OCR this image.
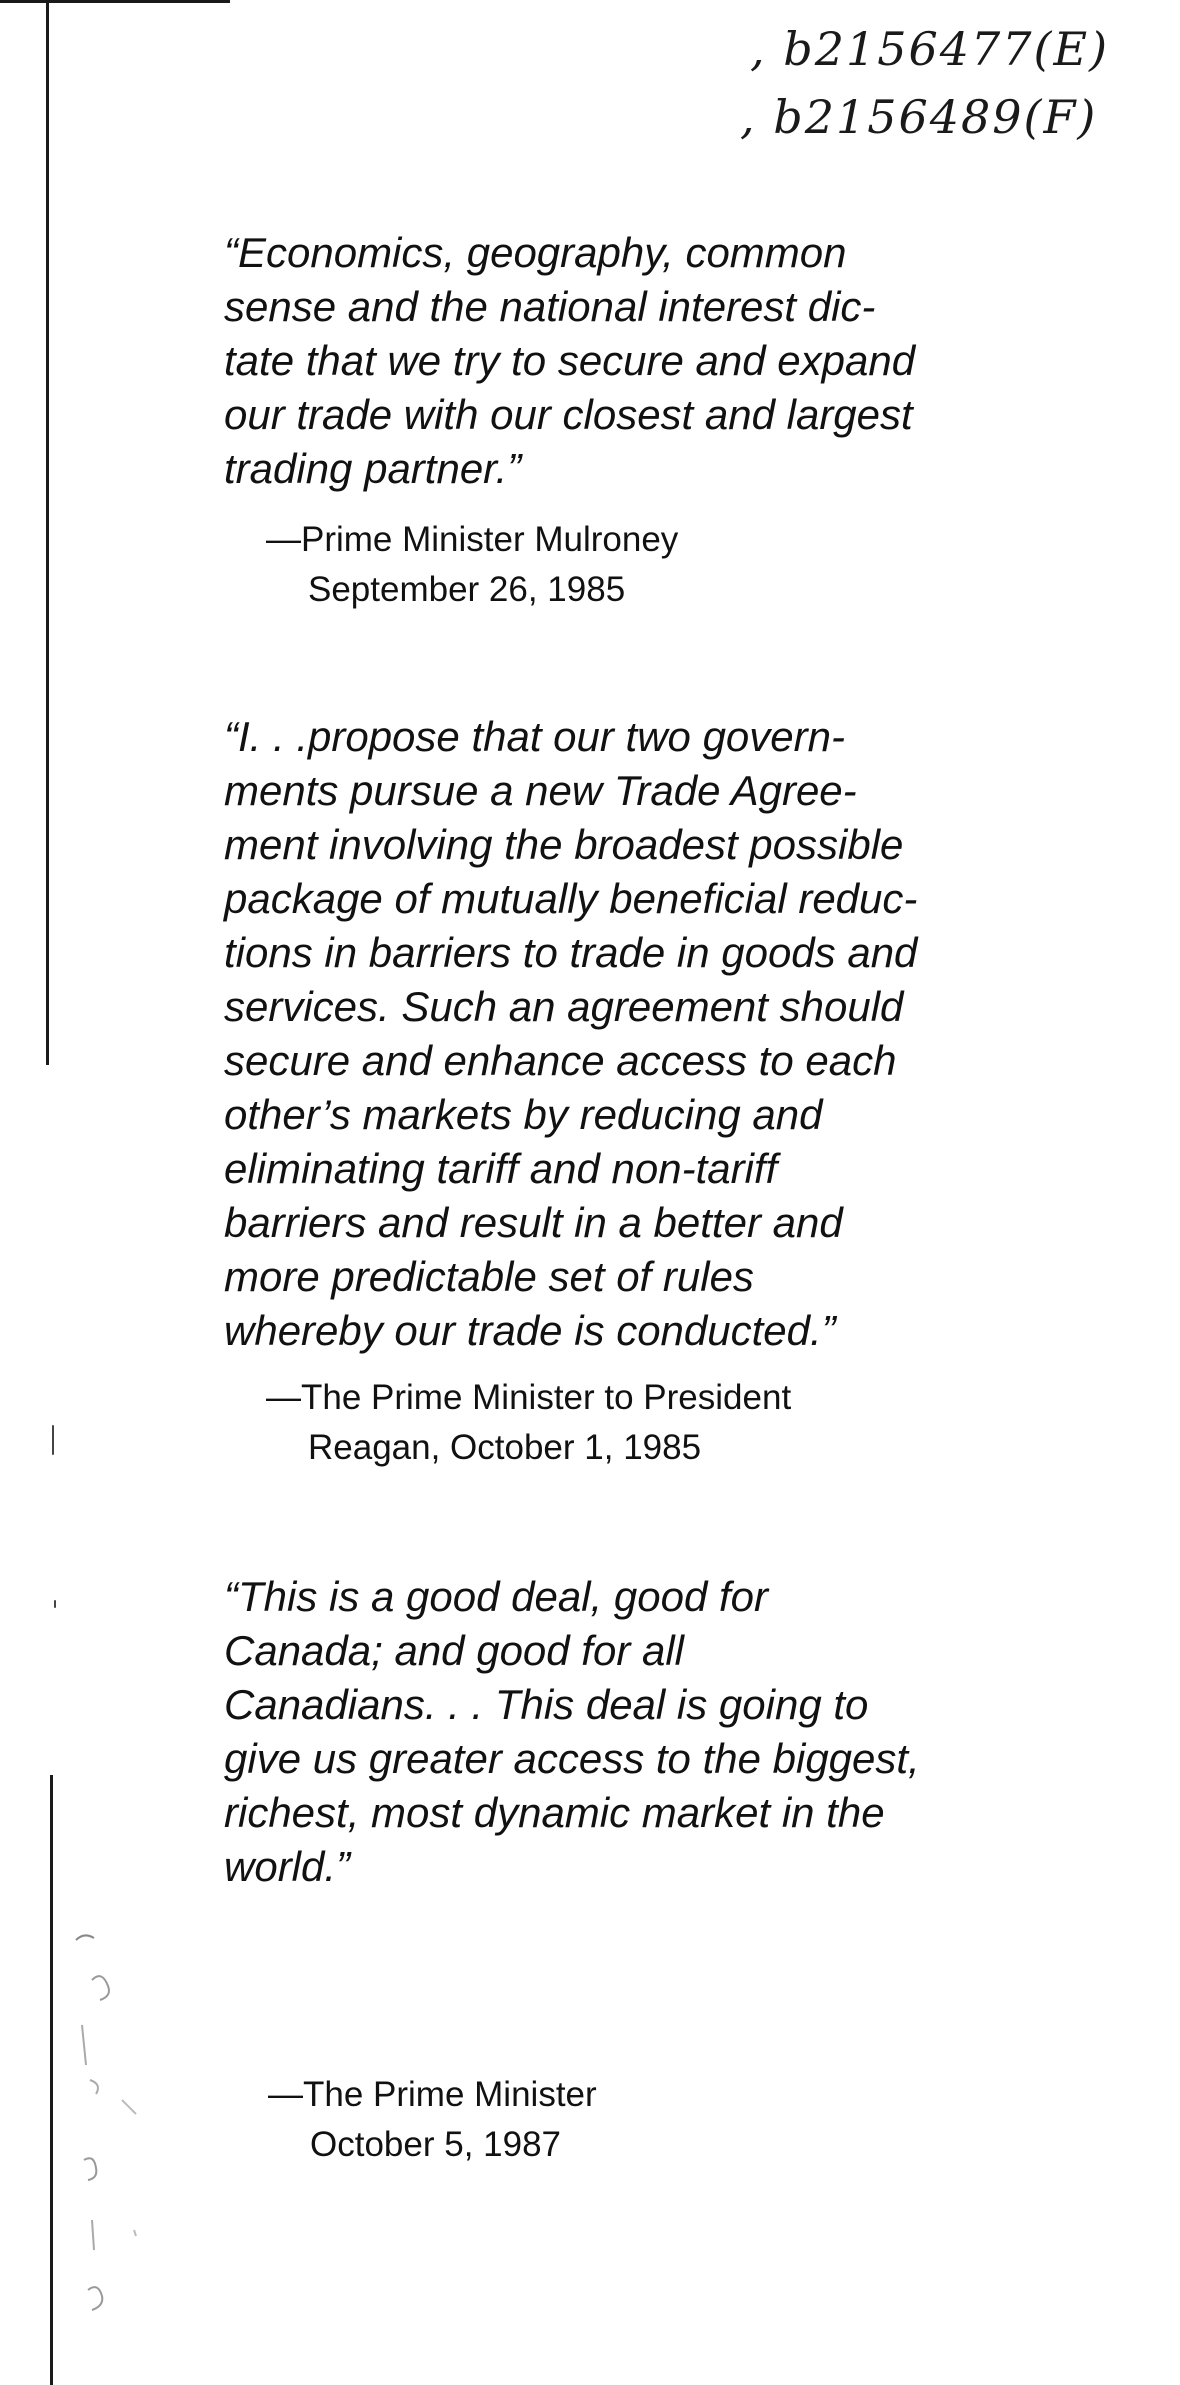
, b2156477(E)
, b2156489(F)
“Economics, geography, common
sense and the national interest dic-
tate that we try to secure and expand
our trade with our closest and largest
trading partner.”
—Prime Minister Mulroney
September 26, 1985
“I. . .propose that our two govern-
ments pursue a new Trade Agree-
ment involving the broadest possible
package of mutually beneficial reduc-
tions in barriers to trade in goods and
services. Such an agreement should
secure and enhance access to each
other’s markets by reducing and
eliminating tariff and non-tariff
barriers and result in a better and
more predictable set of rules
whereby our trade is conducted.”
—The Prime Minister to President
Reagan, October 1, 1985
“This is a good deal, good for
Canada; and good for all
Canadians. . . This deal is going to
give us greater access to the biggest,
richest, most dynamic market in the
world.”
—The Prime Minister
October 5, 1987
